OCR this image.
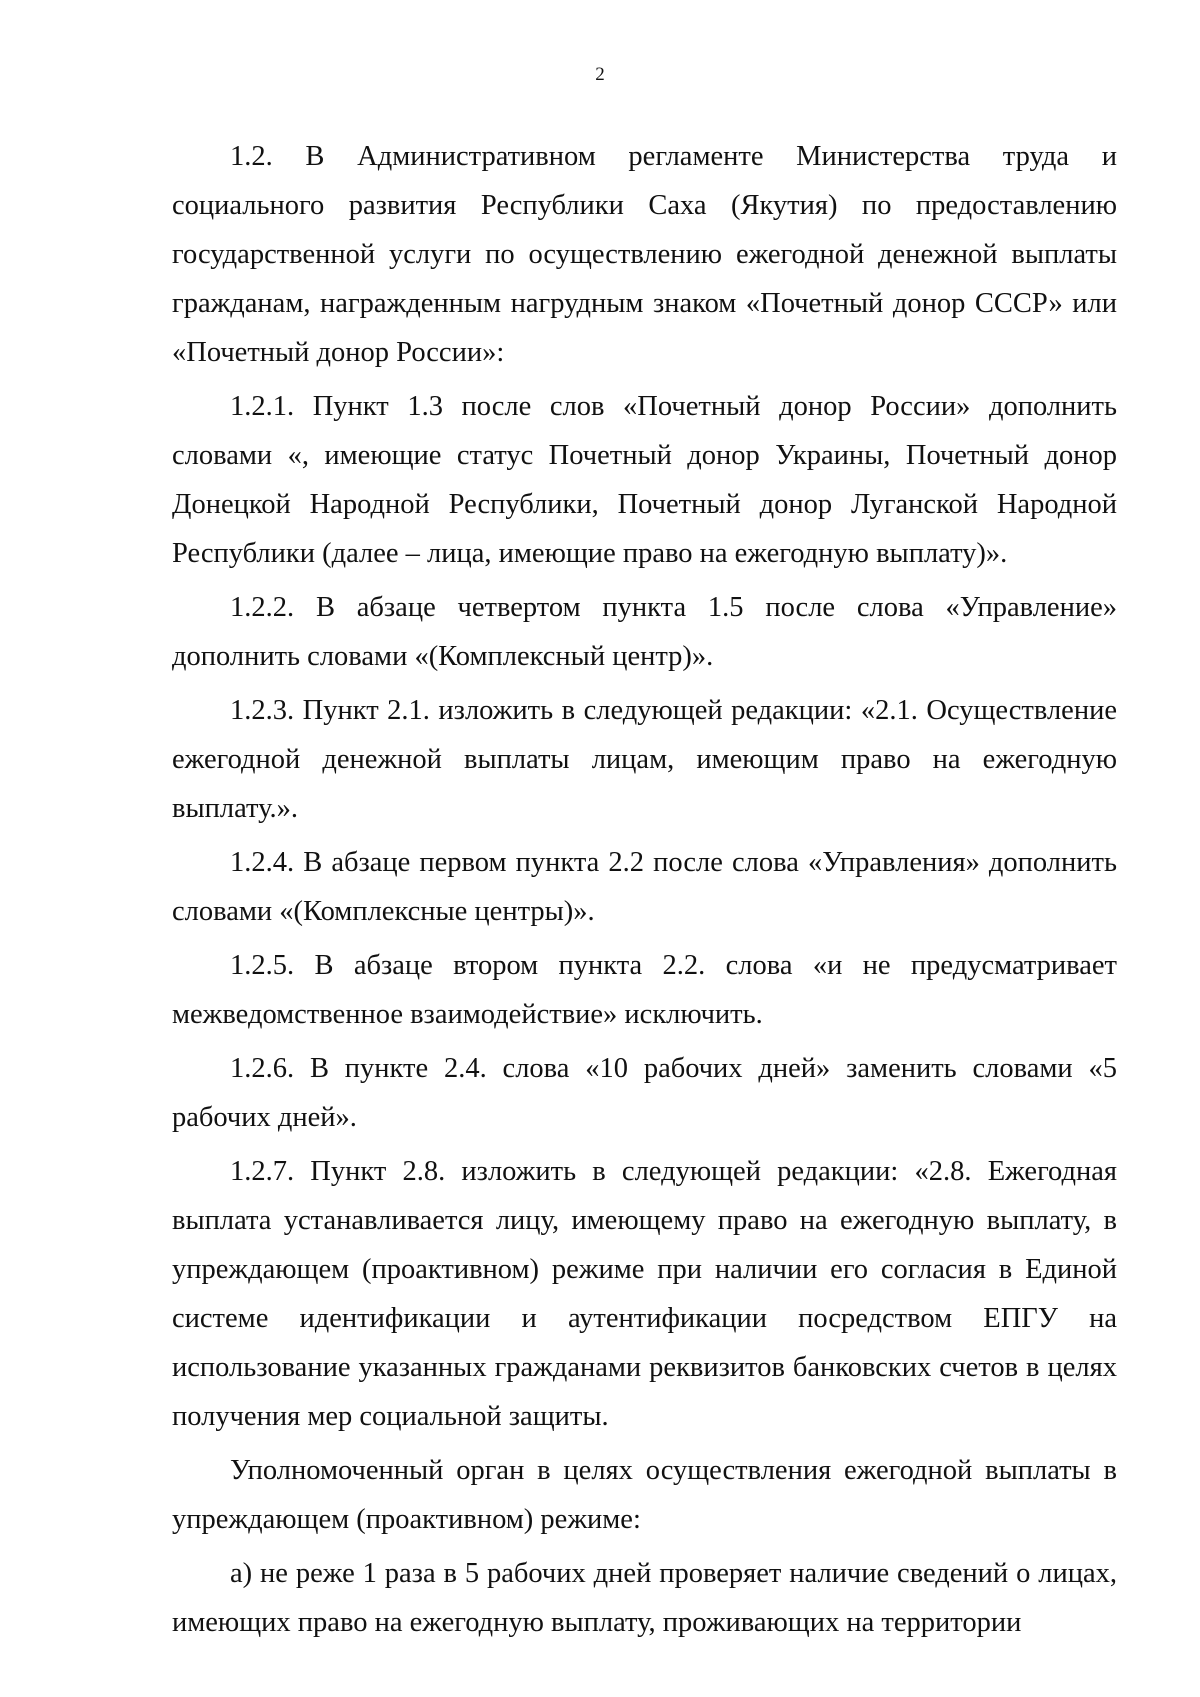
2

1.2. В Административном регламенте Министерства труда и социального развития Республики Саха (Якутия) по предоставлению государственной услуги по осуществлению ежегодной денежной выплаты гражданам, награжденным нагрудным знаком «Почетный донор СССР» или «Почетный донор России»:

1.2.1. Пункт 1.3 после слов «Почетный донор России» дополнить словами «, имеющие статус Почетный донор Украины, Почетный донор Донецкой Народной Республики, Почетный донор Луганской Народной Республики (далее – лица, имеющие право на ежегодную выплату)».

1.2.2. В абзаце четвертом пункта 1.5 после слова «Управление» дополнить словами «(Комплексный центр)».

1.2.3. Пункт 2.1. изложить в следующей редакции: «2.1. Осуществление ежегодной денежной выплаты лицам, имеющим право на ежегодную выплату.».

1.2.4. В абзаце первом пункта 2.2 после слова «Управления» дополнить словами «(Комплексные центры)».

1.2.5. В абзаце втором пункта 2.2. слова «и не предусматривает межведомственное взаимодействие» исключить.

1.2.6. В пункте 2.4. слова «10 рабочих дней» заменить словами «5 рабочих дней».

1.2.7. Пункт 2.8. изложить в следующей редакции: «2.8. Ежегодная выплата устанавливается лицу, имеющему право на ежегодную выплату, в упреждающем (проактивном) режиме при наличии его согласия в Единой системе идентификации и аутентификации посредством ЕПГУ на использование указанных гражданами реквизитов банковских счетов в целях получения мер социальной защиты.

Уполномоченный орган в целях осуществления ежегодной выплаты в упреждающем (проактивном) режиме:

а) не реже 1 раза в 5 рабочих дней проверяет наличие сведений о лицах, имеющих право на ежегодную выплату, проживающих на территории
